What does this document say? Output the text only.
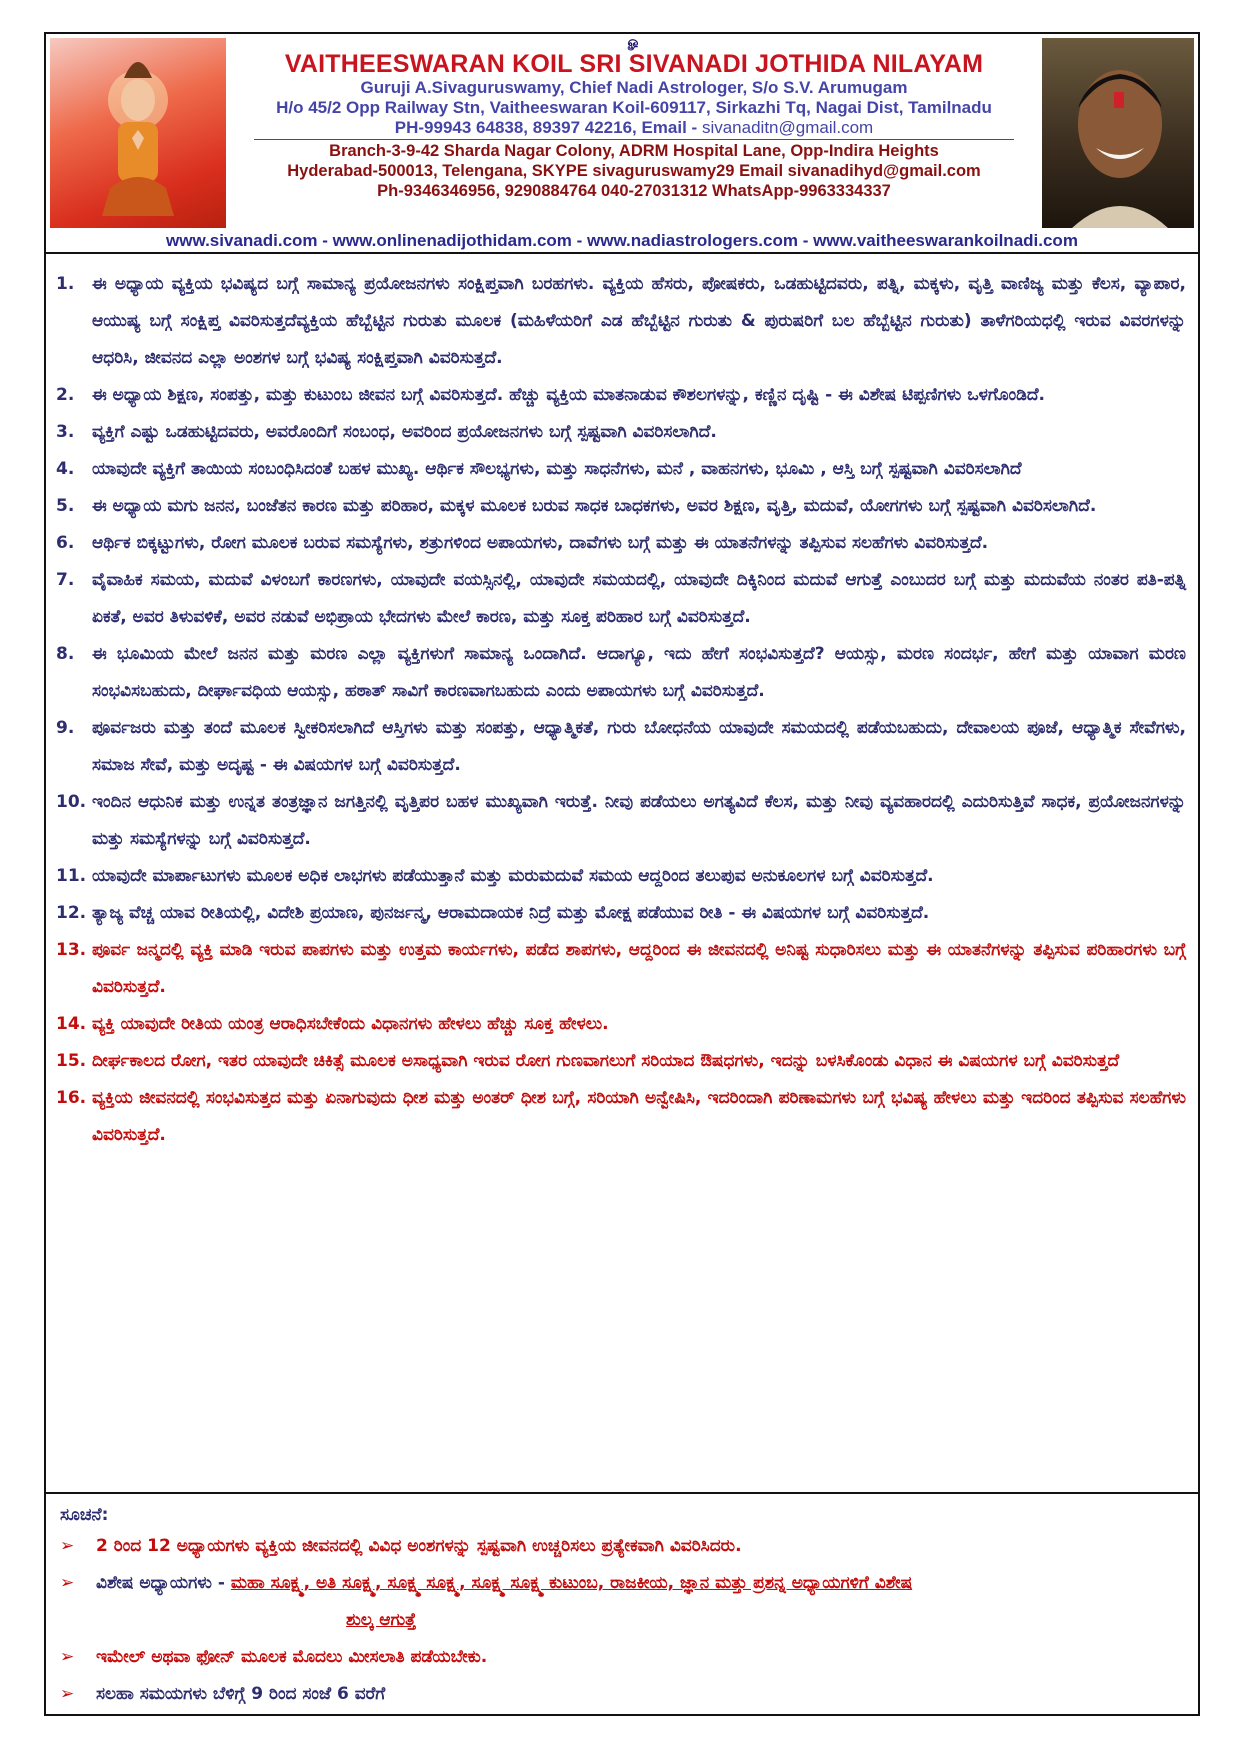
ௐ
VAITHEESWARAN KOIL SRI SIVANADI JOTHIDA NILAYAM
Guruji A.Sivaguruswamy, Chief Nadi Astrologer, S/o S.V. Arumugam
H/o 45/2 Opp Railway Stn, Vaitheeswaran Koil-609117, Sirkazhi Tq, Nagai Dist, Tamilnadu
PH-99943 64838, 89397 42216, Email - sivanaditn@gmail.com
Branch-3-9-42 Sharda Nagar Colony, ADRM Hospital Lane, Opp-Indira Heights
Hyderabad-500013, Telengana, SKYPE sivaguruswamy29 Email sivanadihyd@gmail.com
Ph-9346346956, 9290884764 040-27031312 WhatsApp-9963334337
www.sivanadi.com - www.onlinenadijothidam.com - www.nadiastrologers.com - www.vaitheeswarankoilnadi.com
1.	ಈ ಅಧ್ಯಾಯ ವ್ಯಕ್ತಿಯ ಭವಿಷ್ಯದ ಬಗ್ಗೆ ಸಾಮಾನ್ಯ ಪ್ರಯೋಜನಗಳು ಸಂಕ್ಷಿಪ್ತವಾಗಿ ಬರಹಗಳು. ವ್ಯಕ್ತಿಯ ಹೆಸರು, ಪೋಷಕರು, ಒಡಹುಟ್ಟಿದವರು, ಪತ್ನಿ, ಮಕ್ಕಳು, ವೃತ್ತಿ ವಾಣಿಜ್ಯ ಮತ್ತು ಕೆಲಸ, ವ್ಯಾಪಾರ, ಆಯುಷ್ಯ ಬಗ್ಗೆ ಸಂಕ್ಷಿಪ್ತ ವಿವರಿಸುತ್ತದೆವ್ಯಕ್ತಿಯ ಹೆಬ್ಬೆಟ್ಟಿನ ಗುರುತು ಮೂಲಕ (ಮಹಿಳೆಯರಿಗೆ ಎಡ ಹೆಬ್ಬೆಟ್ಟಿನ ಗುರುತು & ಪುರುಷರಿಗೆ ಬಲ ಹೆಬ್ಬೆಟ್ಟಿನ ಗುರುತು) ತಾಳೆಗರಿಯಧಲ್ಲಿ ಇರುವ ವಿವರಗಳನ್ನು ಆಧರಿಸಿ, ಜೀವನದ ಎಲ್ಲಾ ಅಂಶಗಳ ಬಗ್ಗೆ ಭವಿಷ್ಯ ಸಂಕ್ಷಿಪ್ತವಾಗಿ ವಿವರಿಸುತ್ತದೆ.
2.	ಈ ಅಧ್ಯಾಯ ಶಿಕ್ಷಣ, ಸಂಪತ್ತು, ಮತ್ತು ಕುಟುಂಬ ಜೀವನ ಬಗ್ಗೆ ವಿವರಿಸುತ್ತದೆ. ಹೆಚ್ಚು ವ್ಯಕ್ತಿಯ ಮಾತನಾಡುವ ಕೌಶಲಗಳನ್ನು, ಕಣ್ಣಿನ ದೃಷ್ಟಿ - ಈ ವಿಶೇಷ ಟಿಪ್ಪಣಿಗಳು ಒಳಗೊಂಡಿದೆ.
3.	ವ್ಯಕ್ತಿಗೆ ಎಷ್ಟು ಒಡಹುಟ್ಟಿದವರು, ಅವರೊಂದಿಗೆ ಸಂಬಂಧ, ಅವರಿಂದ ಪ್ರಯೋಜನಗಳು ಬಗ್ಗೆ ಸ್ಪಷ್ಟವಾಗಿ ವಿವರಿಸಲಾಗಿದೆ.
4.	ಯಾವುದೇ ವ್ಯಕ್ತಿಗೆ ತಾಯಿಯ ಸಂಬಂಧಿಸಿದಂತೆ ಬಹಳ ಮುಖ್ಯ. ಆರ್ಥಿಕ ಸೌಲಭ್ಯಗಳು, ಮತ್ತು ಸಾಧನೆಗಳು, ಮನೆ , ವಾಹನಗಳು, ಭೂಮಿ , ಆಸ್ತಿ ಬಗ್ಗೆ ಸ್ಪಷ್ಟವಾಗಿ ವಿವರಿಸಲಾಗಿದೆ
5.	ಈ ಅಧ್ಯಾಯ ಮಗು ಜನನ, ಬಂಜೆತನ ಕಾರಣ ಮತ್ತು ಪರಿಹಾರ, ಮಕ್ಕಳ ಮೂಲಕ ಬರುವ ಸಾಧಕ ಬಾಧಕಗಳು, ಅವರ ಶಿಕ್ಷಣ, ವೃತ್ತಿ, ಮದುವೆ, ಯೋಗಗಳು ಬಗ್ಗೆ ಸ್ಪಷ್ಟವಾಗಿ ವಿವರಿಸಲಾಗಿದೆ.
6.	ಆರ್ಥಿಕ ಬಿಕ್ಕಟ್ಟುಗಳು, ರೋಗ ಮೂಲಕ ಬರುವ ಸಮಸ್ಯೆಗಳು, ಶತ್ರುಗಳಿಂದ ಅಪಾಯಗಳು, ದಾವೆಗಳು ಬಗ್ಗೆ ಮತ್ತು ಈ ಯಾತನೆಗಳನ್ನು ತಪ್ಪಿಸುವ ಸಲಹೆಗಳು ವಿವರಿಸುತ್ತದೆ.
7.	ವೈವಾಹಿಕ ಸಮಯ, ಮದುವೆ ವಿಳಂಬಗೆ ಕಾರಣಗಳು, ಯಾವುದೇ ವಯಸ್ಸಿನಲ್ಲಿ, ಯಾವುದೇ ಸಮಯದಲ್ಲಿ, ಯಾವುದೇ ದಿಕ್ಕಿನಿಂದ ಮದುವೆ ಆಗುತ್ತೆ ಎಂಬುದರ ಬಗ್ಗೆ ಮತ್ತು ಮದುವೆಯ ನಂತರ ಪತಿ-ಪತ್ನಿ ಏಕತೆ, ಅವರ ತಿಳುವಳಿಕೆ, ಅವರ ನಡುವೆ ಅಭಿಪ್ರಾಯ ಭೇದಗಳು ಮೇಲೆ ಕಾರಣ, ಮತ್ತು ಸೂಕ್ತ ಪರಿಹಾರ ಬಗ್ಗೆ ವಿವರಿಸುತ್ತದೆ.
8.	ಈ ಭೂಮಿಯ ಮೇಲೆ ಜನನ ಮತ್ತು ಮರಣ ಎಲ್ಲಾ ವ್ಯಕ್ತಿಗಳುಗೆ ಸಾಮಾನ್ಯ ಒಂದಾಗಿದೆ. ಆದಾಗ್ಯೂ, ಇದು ಹೇಗೆ ಸಂಭವಿಸುತ್ತದೆ? ಆಯಸ್ಸು, ಮರಣ ಸಂದರ್ಭ, ಹೇಗೆ ಮತ್ತು ಯಾವಾಗ ಮರಣ ಸಂಭವಿಸಬಹುದು, ದೀರ್ಘಾವಧಿಯ ಆಯಸ್ಸು, ಹಠಾತ್ ಸಾವಿಗೆ ಕಾರಣವಾಗಬಹುದು ಎಂದು ಅಪಾಯಗಳು ಬಗ್ಗೆ ವಿವರಿಸುತ್ತದೆ.
9.	ಪೂರ್ವಜರು ಮತ್ತು ತಂದೆ ಮೂಲಕ ಸ್ವೀಕರಿಸಲಾಗಿದೆ ಆಸ್ತಿಗಳು ಮತ್ತು ಸಂಪತ್ತು, ಆಧ್ಯಾತ್ಮಿಕತೆ, ಗುರು ಬೋಧನೆಯ ಯಾವುದೇ ಸಮಯದಲ್ಲಿ ಪಡೆಯಬಹುದು, ದೇವಾಲಯ ಪೂಜೆ, ಆಧ್ಯಾತ್ಮಿಕ ಸೇವೆಗಳು, ಸಮಾಜ ಸೇವೆ, ಮತ್ತು ಅದೃಷ್ಟ - ಈ ವಿಷಯಗಳ ಬಗ್ಗೆ ವಿವರಿಸುತ್ತದೆ.
10. ಇಂದಿನ ಆಧುನಿಕ ಮತ್ತು ಉನ್ನತ ತಂತ್ರಜ್ಞಾನ ಜಗತ್ತಿನಲ್ಲಿ ವೃತ್ತಿಪರ ಬಹಳ ಮುಖ್ಯವಾಗಿ ಇರುತ್ತೆ. ನೀವು ಪಡೆಯಲು ಅಗತ್ಯವಿದೆ ಕೆಲಸ, ಮತ್ತು ನೀವು ವ್ಯವಹಾರದಲ್ಲಿ ಎದುರಿಸುತ್ತಿವೆ ಸಾಧಕ, ಪ್ರಯೋಜನಗಳನ್ನು ಮತ್ತು ಸಮಸ್ಯೆಗಳನ್ನು ಬಗ್ಗೆ ವಿವರಿಸುತ್ತದೆ.
11. ಯಾವುದೇ ಮಾರ್ಪಾಟುಗಳು ಮೂಲಕ ಅಧಿಕ ಲಾಭಗಳು ಪಡೆಯುತ್ತಾನೆ ಮತ್ತು ಮರುಮದುವೆ ಸಮಯ ಆದ್ದರಿಂದ ತಲುಪುವ ಅನುಕೂಲಗಳ ಬಗ್ಗೆ ವಿವರಿಸುತ್ತದೆ.
12. ತ್ಯಾಜ್ಯ ವೆಚ್ಚ ಯಾವ ರೀತಿಯಲ್ಲಿ, ವಿದೇಶಿ ಪ್ರಯಾಣ, ಪುನರ್ಜನ್ಮ, ಆರಾಮದಾಯಕ ನಿದ್ರೆ ಮತ್ತು ಮೋಕ್ಷ ಪಡೆಯುವ ರೀತಿ - ಈ ವಿಷಯಗಳ ಬಗ್ಗೆ ವಿವರಿಸುತ್ತದೆ.
13. ಪೂರ್ವ ಜನ್ಮದಲ್ಲಿ ವ್ಯಕ್ತಿ ಮಾಡಿ ಇರುವ ಪಾಪಗಳು ಮತ್ತು ಉತ್ತಮ ಕಾರ್ಯಗಳು, ಪಡೆದ ಶಾಪಗಳು, ಆದ್ದರಿಂದ ಈ ಜೀವನದಲ್ಲಿ ಅನಿಷ್ಟ ಸುಧಾರಿಸಲು ಮತ್ತು ಈ ಯಾತನೆಗಳನ್ನು ತಪ್ಪಿಸುವ ಪರಿಹಾರಗಳು ಬಗ್ಗೆ ವಿವರಿಸುತ್ತದೆ.
14. ವ್ಯಕ್ತಿ ಯಾವುದೇ ರೀತಿಯ ಯಂತ್ರ ಆರಾಧಿಸಬೇಕೆಂದು ವಿಧಾನಗಳು ಹೇಳಲು ಹೆಚ್ಚು ಸೂಕ್ತ ಹೇಳಲು.
15. ದೀರ್ಘಕಾಲದ ರೋಗ, ಇತರ ಯಾವುದೇ ಚಿಕಿತ್ಸೆ ಮೂಲಕ ಅಸಾಧ್ಯವಾಗಿ ಇರುವ ರೋಗ ಗುಣವಾಗಲುಗೆ ಸರಿಯಾದ ಔಷಧಗಳು, ಇದನ್ನು ಬಳಸಿಕೊಂಡು ವಿಧಾನ ಈ ವಿಷಯಗಳ ಬಗ್ಗೆ ವಿವರಿಸುತ್ತದೆ
16. ವ್ಯಕ್ತಿಯ ಜೀವನದಲ್ಲಿ ಸಂಭವಿಸುತ್ತದ ಮತ್ತು ಏನಾಗುವುದು ಧೀಶ ಮತ್ತು ಅಂತರ್ ಧೀಶ ಬಗ್ಗೆ, ಸರಿಯಾಗಿ ಅನ್ವೇಷಿಸಿ, ಇದರಿಂದಾಗಿ ಪರಿಣಾಮಗಳು ಬಗ್ಗೆ ಭವಿಷ್ಯ ಹೇಳಲು ಮತ್ತು ಇದರಿಂದ ತಪ್ಪಿಸುವ ಸಲಹೆಗಳು ವಿವರಿಸುತ್ತದೆ.
ಸೂಚನೆ:
➢	2 ರಿಂದ 12 ಅಧ್ಯಾಯಗಳು ವ್ಯಕ್ತಿಯ ಜೀವನದಲ್ಲಿ ವಿವಿಧ ಅಂಶಗಳನ್ನು ಸ್ಪಷ್ಟವಾಗಿ ಉಚ್ಚರಿಸಲು ಪ್ರತ್ಯೇಕವಾಗಿ ವಿವರಿಸಿದರು.
➢	ವಿಶೇಷ ಅಧ್ಯಾಯಗಳು - ಮಹಾ ಸೂಕ್ಷ್ಮ, ಅತಿ ಸೂಕ್ಷ್ಮ, ಸೂಕ್ಷ್ಮ ಸೂಕ್ಷ್ಮ, ಸೂಕ್ಷ್ಮ ಸೂಕ್ಷ್ಮ ಕುಟುಂಬ, ರಾಜಕೀಯ, ಜ್ಞಾನ ಮತ್ತು ಪ್ರಶನ್ನ ಅಧ್ಯಾಯಗಳಿಗೆ ವಿಶೇಷ
ಶುಲ್ಕ ಆಗುತ್ತೆ
➢	ಇಮೇಲ್ ಅಥವಾ ಫೋನ್ ಮೂಲಕ ಮೊದಲು ಮೀಸಲಾತಿ ಪಡೆಯಬೇಕು.
➢	ಸಲಹಾ ಸಮಯಗಳು ಬೆಳಿಗ್ಗೆ 9 ರಿಂದ ಸಂಜೆ 6 ವರೆಗೆ
